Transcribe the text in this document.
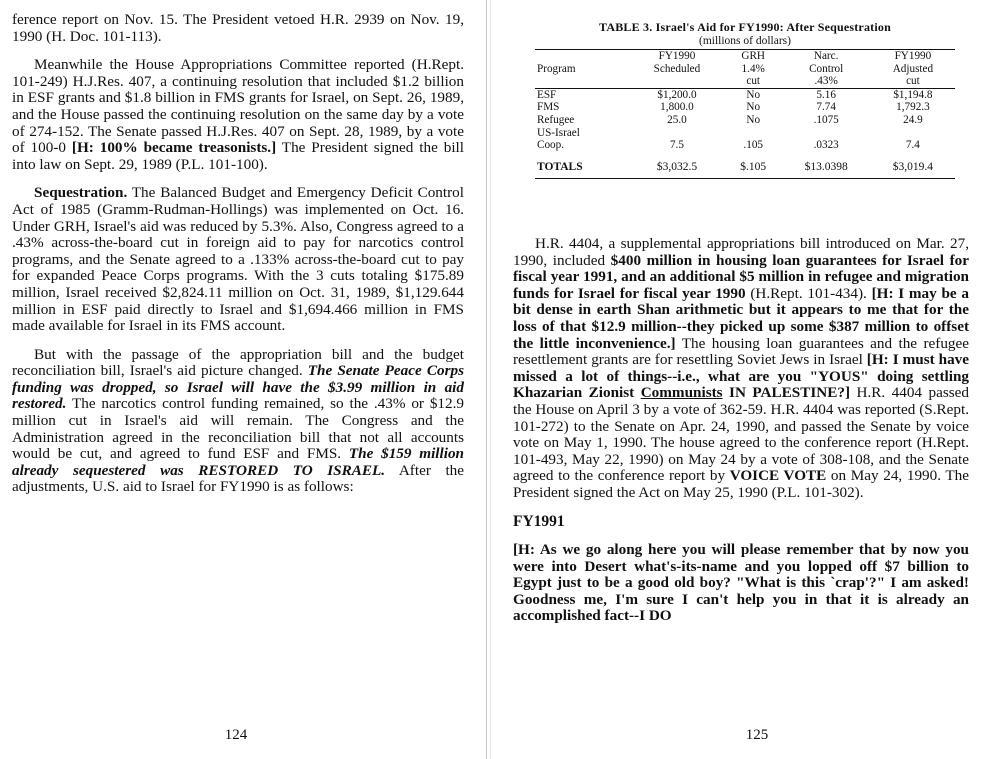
ference report on Nov. 15. The President vetoed H.R. 2939 on Nov. 19, 1990 (H. Doc. 101-113).

Meanwhile the House Appropriations Committee reported (H.Rept. 101-249) H.J.Res. 407, a continuing resolution that included $1.2 billion in ESF grants and $1.8 billion in FMS grants for Israel, on Sept. 26, 1989, and the House passed the continuing resolution on the same day by a vote of 274-152. The Senate passed H.J.Res. 407 on Sept. 28, 1989, by a vote of 100-0 [H: 100% became treasonists.] The President signed the bill into law on Sept. 29, 1989 (P.L. 101-100).

Sequestration. The Balanced Budget and Emergency Deficit Control Act of 1985 (Gramm-Rudman-Hollings) was implemented on Oct. 16. Under GRH, Israel's aid was reduced by 5.3%. Also, Congress agreed to a .43% across-the-board cut in foreign aid to pay for narcotics control programs, and the Senate agreed to a .133% across-the-board cut to pay for expanded Peace Corps programs. With the 3 cuts totaling $175.89 million, Israel received $2,824.11 million on Oct. 31, 1989, $1,129.644 million in ESF paid directly to Israel and $1,694.466 million in FMS made available for Israel in its FMS account.

But with the passage of the appropriation bill and the budget reconciliation bill, Israel's aid picture changed. The Senate Peace Corps funding was dropped, so Israel will have the $3.99 million in aid restored. The narcotics control funding remained, so the .43% or $12.9 million cut in Israel's aid will remain. The Congress and the Administration agreed in the reconciliation bill that not all accounts would be cut, and agreed to fund ESF and FMS. The $159 million already sequestered was RESTORED TO ISRAEL. After the adjustments, U.S. aid to Israel for FY1990 is as follows:

124
TABLE 3. Israel's Aid for FY1990: After Sequestration
(millions of dollars)
	FY1990	GRH	Narc.	FY1990
Program	Scheduled	1.4%	Control	Adjusted
		cut	.43%	cut
ESF	$1,200.0	No	5.16	$1,194.8
FMS	1,800.0	No	7.74	1,792.3
Refugee	25.0	No	.1075	24.9
US-Israel				
Coop.	7.5	.105	.0323	7.4
TOTALS	$3,032.5	$.105	$13.0398	$3,019.4

H.R. 4404, a supplemental appropriations bill introduced on Mar. 27, 1990, included $400 million in housing loan guarantees for Israel for fiscal year 1991, and an additional $5 million in refugee and migration funds for Israel for fiscal year 1990 (H.Rept. 101-434). [H: I may be a bit dense in earth Shan arithmetic but it appears to me that for the loss of that $12.9 million--they picked up some $387 million to offset the little inconvenience.] The housing loan guarantees and the refugee resettlement grants are for resettling Soviet Jews in Israel [H: I must have missed a lot of things--i.e., what are you "YOUS" doing settling Khazarian Zionist Communists IN PALESTINE?] H.R. 4404 passed the House on April 3 by a vote of 362-59. H.R. 4404 was reported (S.Rept. 101-272) to the Senate on Apr. 24, 1990, and passed the Senate by voice vote on May 1, 1990. The house agreed to the conference report (H.Rept. 101-493, May 22, 1990) on May 24 by a vote of 308-108, and the Senate agreed to the conference report by VOICE VOTE on May 24, 1990. The President signed the Act on May 25, 1990 (P.L. 101-302).

FY1991

[H: As we go along here you will please remember that by now you were into Desert what's-its-name and you lopped off $7 billion to Egypt just to be a good old boy? "What is this `crap'?" I am asked! Goodness me, I'm sure I can't help you in that it is already an accomplished fact--I DO

125
